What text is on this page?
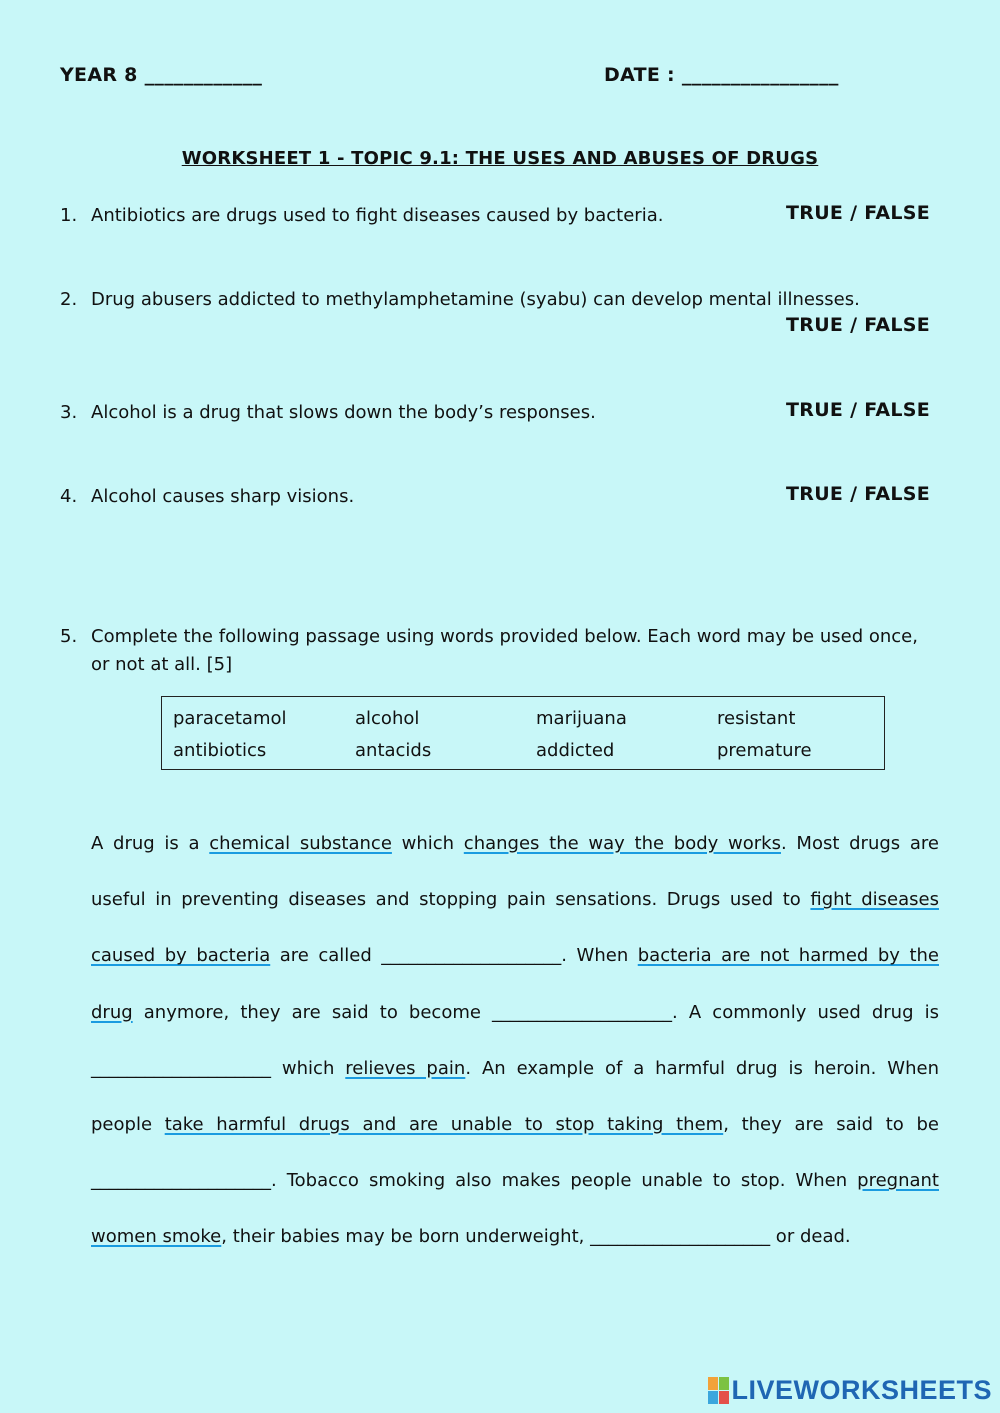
YEAR 8 ____________	DATE : ________________
WORKSHEET 1 - TOPIC 9.1: THE USES AND ABUSES OF DRUGS
1. Antibiotics are drugs used to fight diseases caused by bacteria.	TRUE / FALSE
2. Drug abusers addicted to methylamphetamine (syabu) can develop mental illnesses.
TRUE / FALSE
3. Alcohol is a drug that slows down the body’s responses.	TRUE / FALSE
4. Alcohol causes sharp visions.	TRUE / FALSE
5. Complete the following passage using words provided below. Each word may be used once,
or not at all. [5]
paracetamol	alcohol	marijuana	resistant
antibiotics	antacids	addicted	premature
A drug is a chemical substance which changes the way the body works. Most drugs are useful in preventing diseases and stopping pain sensations. Drugs used to fight diseases caused by bacteria are called ____________________. When bacteria are not harmed by the drug anymore, they are said to become ____________________. A commonly used drug is ____________________ which relieves pain. An example of a harmful drug is heroin. When people take harmful drugs and are unable to stop taking them, they are said to be ____________________. Tobacco smoking also makes people unable to stop. When pregnant women smoke, their babies may be born underweight, ____________________ or dead.
LIVEWORKSHEETS
